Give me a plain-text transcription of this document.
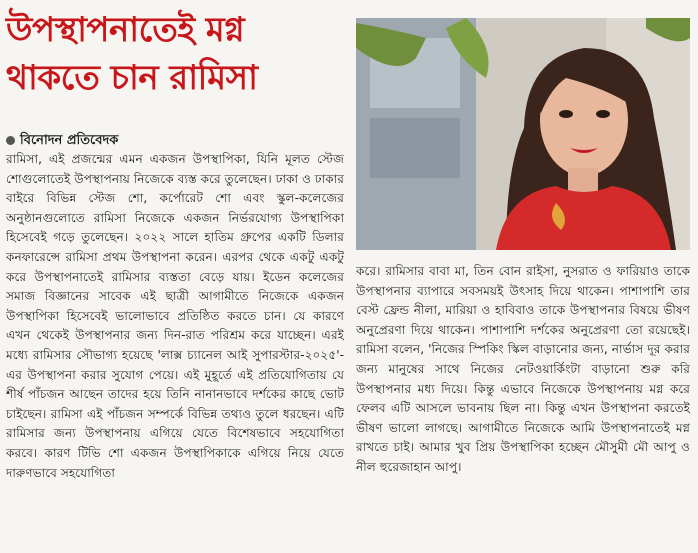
উপস্থাপনাতেই মগ্ন
থাকতে চান রামিসা
বিনোদন প্রতিবেদক
রামিসা, এই প্রজন্মের এমন একজন উপস্থাপিকা, যিনি মূলত স্টেজ শোগুলোতেই উপস্থাপনায় নিজেকে ব্যস্ত করে তুলেছেন। ঢাকা ও ঢাকার বাইরে বিভিন্ন স্টেজ শো, কর্পোরেট শো এবং স্কুল-কলেজের অনুষ্ঠানগুলোতে রামিসা নিজেকে একজন নির্ভরযোগ্য উপস্থাপিকা হিসেবেই গড়ে তুলেছেন। ২০২২ সালে হাতিম গ্রুপের একটি ডিলার কনফারেন্সে রামিসা প্রথম উপস্থাপনা করেন। এরপর থেকে একটু একটু করে উপস্থাপনাতেই রামিসার ব্যস্ততা বেড়ে যায়। ইডেন কলেজের সমাজ বিজ্ঞানের সাবেক এই ছাত্রী আগামীতে নিজেকে একজন উপস্থাপিকা হিসেবেই ভালোভাবে প্রতিষ্ঠিত করতে চান। যে কারণে এখন থেকেই উপস্থাপনার জন্য দিন-রাত পরিশ্রম করে যাচ্ছেন। এরই মধ্যে রামিসার সৌভাগ্য হয়েছে 'লাক্স চ্যানেল আই সুপারস্টার-২০২৫'-এর উপস্থাপনা করার সুযোগ পেয়ে। এই মুহূর্তে এই প্রতিযোগিতায় যে শীর্ষ পাঁচজন আছেন তাদের হয়ে তিনি নানানভাবে দর্শকের কাছে ভোট চাইছেন। রামিসা এই পাঁচজন সম্পর্কে বিভিন্ন তথ্যও তুলে ধরছেন। এটি রামিসার জন্য উপস্থাপনায় এগিয়ে যেতে বিশেষভাবে সহযোগিতা করবে। কারণ টিভি শো একজন উপস্থাপিকাকে এগিয়ে নিয়ে যেতে দারুণভাবে সহযোগিতা
করে। রামিসার বাবা মা, তিন বোন রাইসা, নুসরাত ও ফারিয়াও তাকে উপস্থাপনার ব্যাপারে সবসময়ই উৎসাহ দিয়ে থাকেন। পাশাপাশি তার বেস্ট ফ্রেন্ড নীলা, মারিয়া ও হাবিবাও তাকে উপস্থাপনার বিষয়ে ভীষণ অনুপ্রেরণা দিয়ে থাকেন। পাশাপাশি দর্শকের অনুপ্রেরণা তো রয়েছেই। রামিসা বলেন, 'নিজের স্পিকিং স্কিল বাড়ানোর জন্য, নার্ভাস দূর করার জন্য মানুষের সাথে নিজের নেটওয়ার্কিংটা বাড়ানো শুরু করি উপস্থাপনার মধ্য দিয়ে। কিন্তু এভাবে নিজেকে উপস্থাপনায় মগ্ন করে ফেলব এটি আসলে ভাবনায় ছিল না। কিন্তু এখন উপস্থাপনা করতেই ভীষণ ভালো লাগছে। আগামীতে নিজেকে আমি উপস্থাপনাতেই মগ্ন রাখতে চাই। আমার খুব প্রিয় উপস্থাপিকা হচ্ছেন মৌসুমী মৌ আপু ও নীল হুরেজাহান আপু।
